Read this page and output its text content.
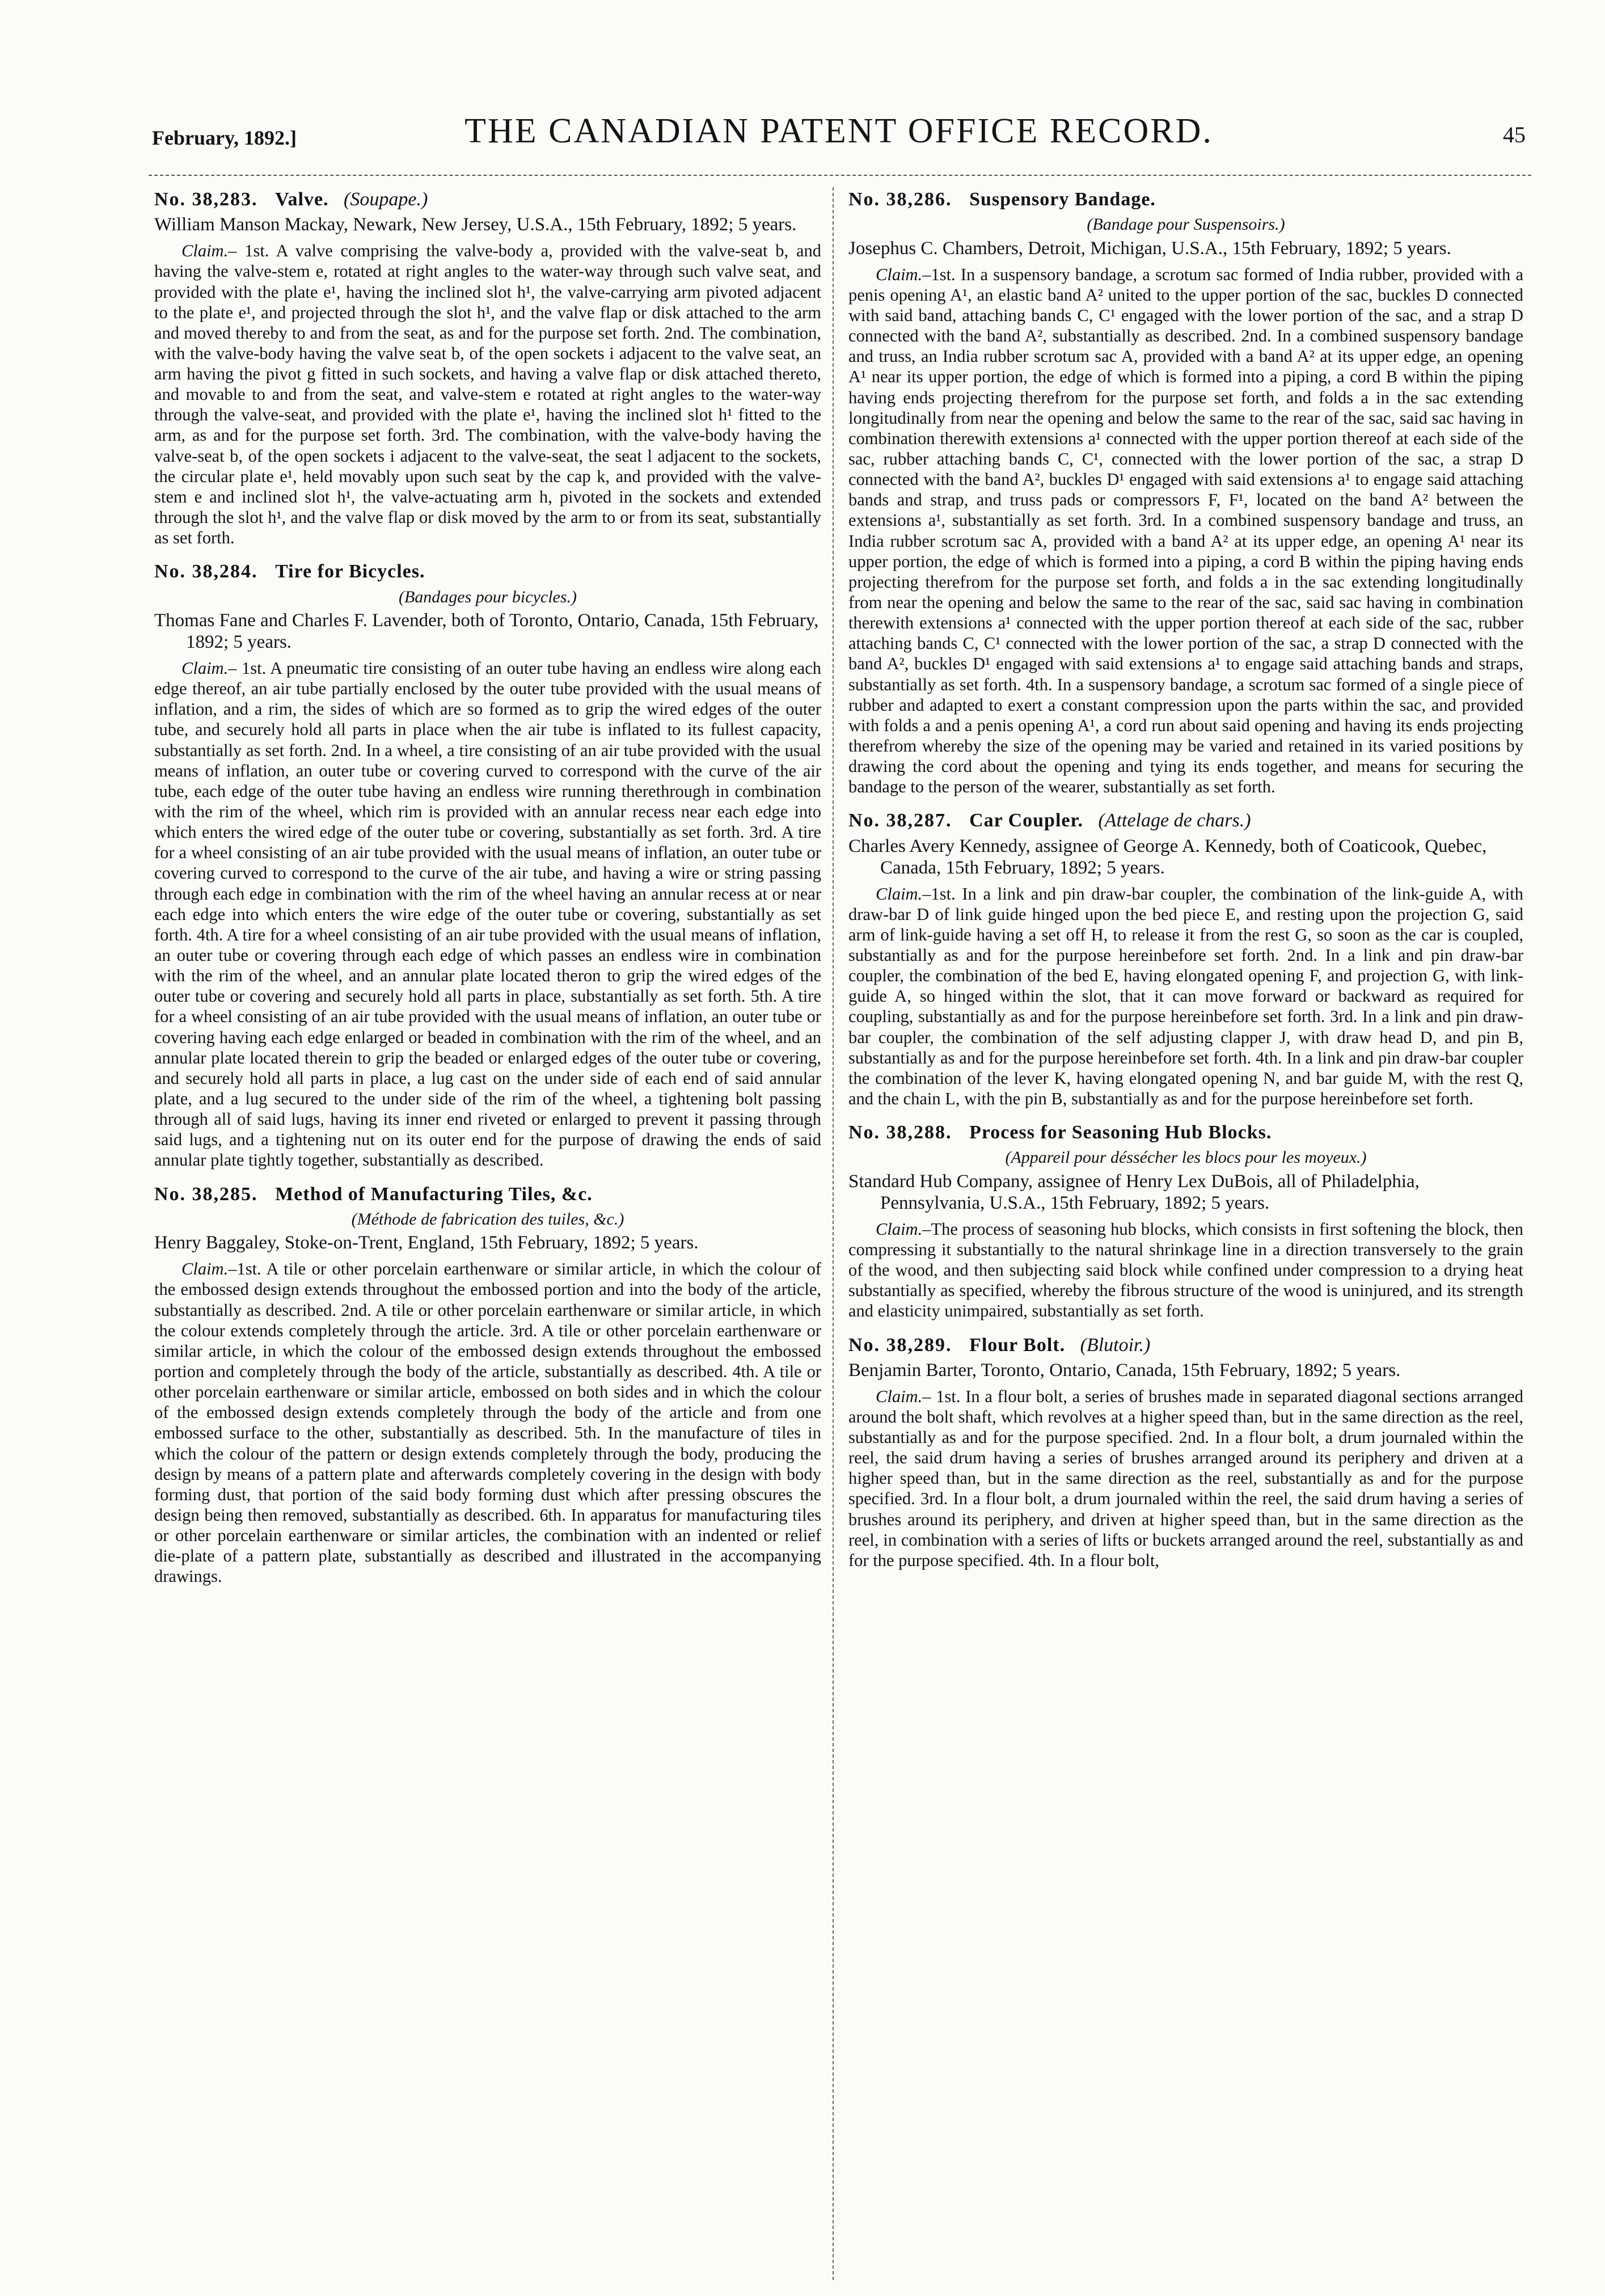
February, 1892.]	THE CANADIAN PATENT OFFICE RECORD.	45
No. 38,283. Valve. (Soupape.)
William Manson Mackay, Newark, New Jersey, U.S.A., 15th February, 1892; 5 years.

Claim.– 1st. A valve comprising the valve-body a, provided with the valve-seat b, and having the valve-stem e, rotated at right angles to the water-way through such valve seat, and provided with the plate e¹, having the inclined slot h¹, the valve-carrying arm pivoted adjacent to the plate e¹, and projected through the slot h¹, and the valve flap or disk attached to the arm and moved thereby to and from the seat, as and for the purpose set forth. 2nd. The combination, with the valve-body having the valve seat b, of the open sockets i adjacent to the valve seat, an arm having the pivot g fitted in such sockets, and having a valve flap or disk attached thereto, and movable to and from the seat, and valve-stem e rotated at right angles to the water-way through the valve-seat, and provided with the plate e¹, having the inclined slot h¹ fitted to the arm, as and for the purpose set forth. 3rd. The combination, with the valve-body having the valve-seat b, of the open sockets i adjacent to the valve-seat, the seat l adjacent to the sockets, the circular plate e¹, held movably upon such seat by the cap k, and provided with the valve-stem e and inclined slot h¹, the valve-actuating arm h, pivoted in the sockets and extended through the slot h¹, and the valve flap or disk moved by the arm to or from its seat, substantially as set forth.

No. 38,284. Tire for Bicycles.
(Bandages pour bicycles.)
Thomas Fane and Charles F. Lavender, both of Toronto, Ontario, Canada, 15th February, 1892; 5 years.

Claim.– 1st. A pneumatic tire consisting of an outer tube having an endless wire along each edge thereof, an air tube partially enclosed by the outer tube provided with the usual means of inflation, and a rim, the sides of which are so formed as to grip the wired edges of the outer tube, and securely hold all parts in place when the air tube is inflated to its fullest capacity, substantially as set forth. 2nd. In a wheel, a tire consisting of an air tube provided with the usual means of inflation, an outer tube or covering curved to correspond with the curve of the air tube, each edge of the outer tube having an endless wire running therethrough in combination with the rim of the wheel, which rim is provided with an annular recess near each edge into which enters the wired edge of the outer tube or covering, substantially as set forth. 3rd. A tire for a wheel consisting of an air tube provided with the usual means of inflation, an outer tube or covering curved to correspond to the curve of the air tube, and having a wire or string passing through each edge in combination with the rim of the wheel having an annular recess at or near each edge into which enters the wire edge of the outer tube or covering, substantially as set forth. 4th. A tire for a wheel consisting of an air tube provided with the usual means of inflation, an outer tube or covering through each edge of which passes an endless wire in combination with the rim of the wheel, and an annular plate located theron to grip the wired edges of the outer tube or covering and securely hold all parts in place, substantially as set forth. 5th. A tire for a wheel consisting of an air tube provided with the usual means of inflation, an outer tube or covering having each edge enlarged or beaded in combination with the rim of the wheel, and an annular plate located therein to grip the beaded or enlarged edges of the outer tube or covering, and securely hold all parts in place, a lug cast on the under side of each end of said annular plate, and a lug secured to the under side of the rim of the wheel, a tightening bolt passing through all of said lugs, having its inner end riveted or enlarged to prevent it passing through said lugs, and a tightening nut on its outer end for the purpose of drawing the ends of said annular plate tightly together, substantially as described.

No. 38,285. Method of Manufacturing Tiles, &c.
(Méthode de fabrication des tuiles, &c.)
Henry Baggaley, Stoke-on-Trent, England, 15th February, 1892; 5 years.

Claim.–1st. A tile or other porcelain earthenware or similar article, in which the colour of the embossed design extends throughout the embossed portion and into the body of the article, substantially as described. 2nd. A tile or other porcelain earthenware or similar article, in which the colour extends completely through the article. 3rd. A tile or other porcelain earthenware or similar article, in which the colour of the embossed design extends throughout the embossed portion and completely through the body of the article, substantially as described. 4th. A tile or other porcelain earthenware or similar article, embossed on both sides and in which the colour of the embossed design extends completely through the body of the article and from one embossed surface to the other, substantially as described. 5th. In the manufacture of tiles in which the colour of the pattern or design extends completely through the body, producing the design by means of a pattern plate and afterwards completely covering in the design with body forming dust, that portion of the said body forming dust which after pressing obscures the design being then removed, substantially as described. 6th. In apparatus for manufacturing tiles or other porcelain earthenware or similar articles, the combination with an indented or relief die-plate of a pattern plate, substantially as described and illustrated in the accompanying drawings.

No. 38,286. Suspensory Bandage.
(Bandage pour Suspensoirs.)
Josephus C. Chambers, Detroit, Michigan, U.S.A., 15th February, 1892; 5 years.

Claim.–1st. In a suspensory bandage, a scrotum sac formed of India rubber, provided with a penis opening A¹, an elastic band A² united to the upper portion of the sac, buckles D connected with said band, attaching bands C, C¹ engaged with the lower portion of the sac, and a strap D connected with the band A², substantially as described. 2nd. In a combined suspensory bandage and truss, an India rubber scrotum sac A, provided with a band A² at its upper edge, an opening A¹ near its upper portion, the edge of which is formed into a piping, a cord B within the piping having ends projecting therefrom for the purpose set forth, and folds a in the sac extending longitudinally from near the opening and below the same to the rear of the sac, said sac having in combination therewith extensions a¹ connected with the upper portion thereof at each side of the sac, rubber attaching bands C, C¹, connected with the lower portion of the sac, a strap D connected with the band A², buckles D¹ engaged with said extensions a¹ to engage said attaching bands and strap, and truss pads or compressors F, F¹, located on the band A² between the extensions a¹, substantially as set forth. 3rd. In a combined suspensory bandage and truss, an India rubber scrotum sac A, provided with a band A² at its upper edge, an opening A¹ near its upper portion, the edge of which is formed into a piping, a cord B within the piping having ends projecting therefrom for the purpose set forth, and folds a in the sac extending longitudinally from near the opening and below the same to the rear of the sac, said sac having in combination therewith extensions a¹ connected with the upper portion thereof at each side of the sac, rubber attaching bands C, C¹ connected with the lower portion of the sac, a strap D connected with the band A², buckles D¹ engaged with said extensions a¹ to engage said attaching bands and straps, substantially as set forth. 4th. In a suspensory bandage, a scrotum sac formed of a single piece of rubber and adapted to exert a constant compression upon the parts within the sac, and provided with folds a and a penis opening A¹, a cord run about said opening and having its ends projecting therefrom whereby the size of the opening may be varied and retained in its varied positions by drawing the cord about the opening and tying its ends together, and means for securing the bandage to the person of the wearer, substantially as set forth.

No. 38,287. Car Coupler. (Attelage de chars.)
Charles Avery Kennedy, assignee of George A. Kennedy, both of Coaticook, Quebec, Canada, 15th February, 1892; 5 years.

Claim.–1st. In a link and pin draw-bar coupler, the combination of the link-guide A, with draw-bar D of link guide hinged upon the bed piece E, and resting upon the projection G, said arm of link-guide having a set off H, to release it from the rest G, so soon as the car is coupled, substantially as and for the purpose hereinbefore set forth. 2nd. In a link and pin draw-bar coupler, the combination of the bed E, having elongated opening F, and projection G, with link-guide A, so hinged within the slot, that it can move forward or backward as required for coupling, substantially as and for the purpose hereinbefore set forth. 3rd. In a link and pin draw-bar coupler, the combination of the self adjusting clapper J, with draw head D, and pin B, substantially as and for the purpose hereinbefore set forth. 4th. In a link and pin draw-bar coupler the combination of the lever K, having elongated opening N, and bar guide M, with the rest Q, and the chain L, with the pin B, substantially as and for the purpose hereinbefore set forth.

No. 38,288. Process for Seasoning Hub Blocks.
(Appareil pour déssécher les blocs pour les moyeux.)
Standard Hub Company, assignee of Henry Lex DuBois, all of Philadelphia, Pennsylvania, U.S.A., 15th February, 1892; 5 years.

Claim.–The process of seasoning hub blocks, which consists in first softening the block, then compressing it substantially to the natural shrinkage line in a direction transversely to the grain of the wood, and then subjecting said block while confined under compression to a drying heat substantially as specified, whereby the fibrous structure of the wood is uninjured, and its strength and elasticity unimpaired, substantially as set forth.

No. 38,289. Flour Bolt. (Blutoir.)
Benjamin Barter, Toronto, Ontario, Canada, 15th February, 1892; 5 years.

Claim.– 1st. In a flour bolt, a series of brushes made in separated diagonal sections arranged around the bolt shaft, which revolves at a higher speed than, but in the same direction as the reel, substantially as and for the purpose specified. 2nd. In a flour bolt, a drum journaled within the reel, the said drum having a series of brushes arranged around its periphery and driven at a higher speed than, but in the same direction as the reel, substantially as and for the purpose specified. 3rd. In a flour bolt, a drum journaled within the reel, the said drum having a series of brushes around its periphery, and driven at higher speed than, but in the same direction as the reel, in combination with a series of lifts or buckets arranged around the reel, substantially as and for the purpose specified. 4th. In a flour bolt,
